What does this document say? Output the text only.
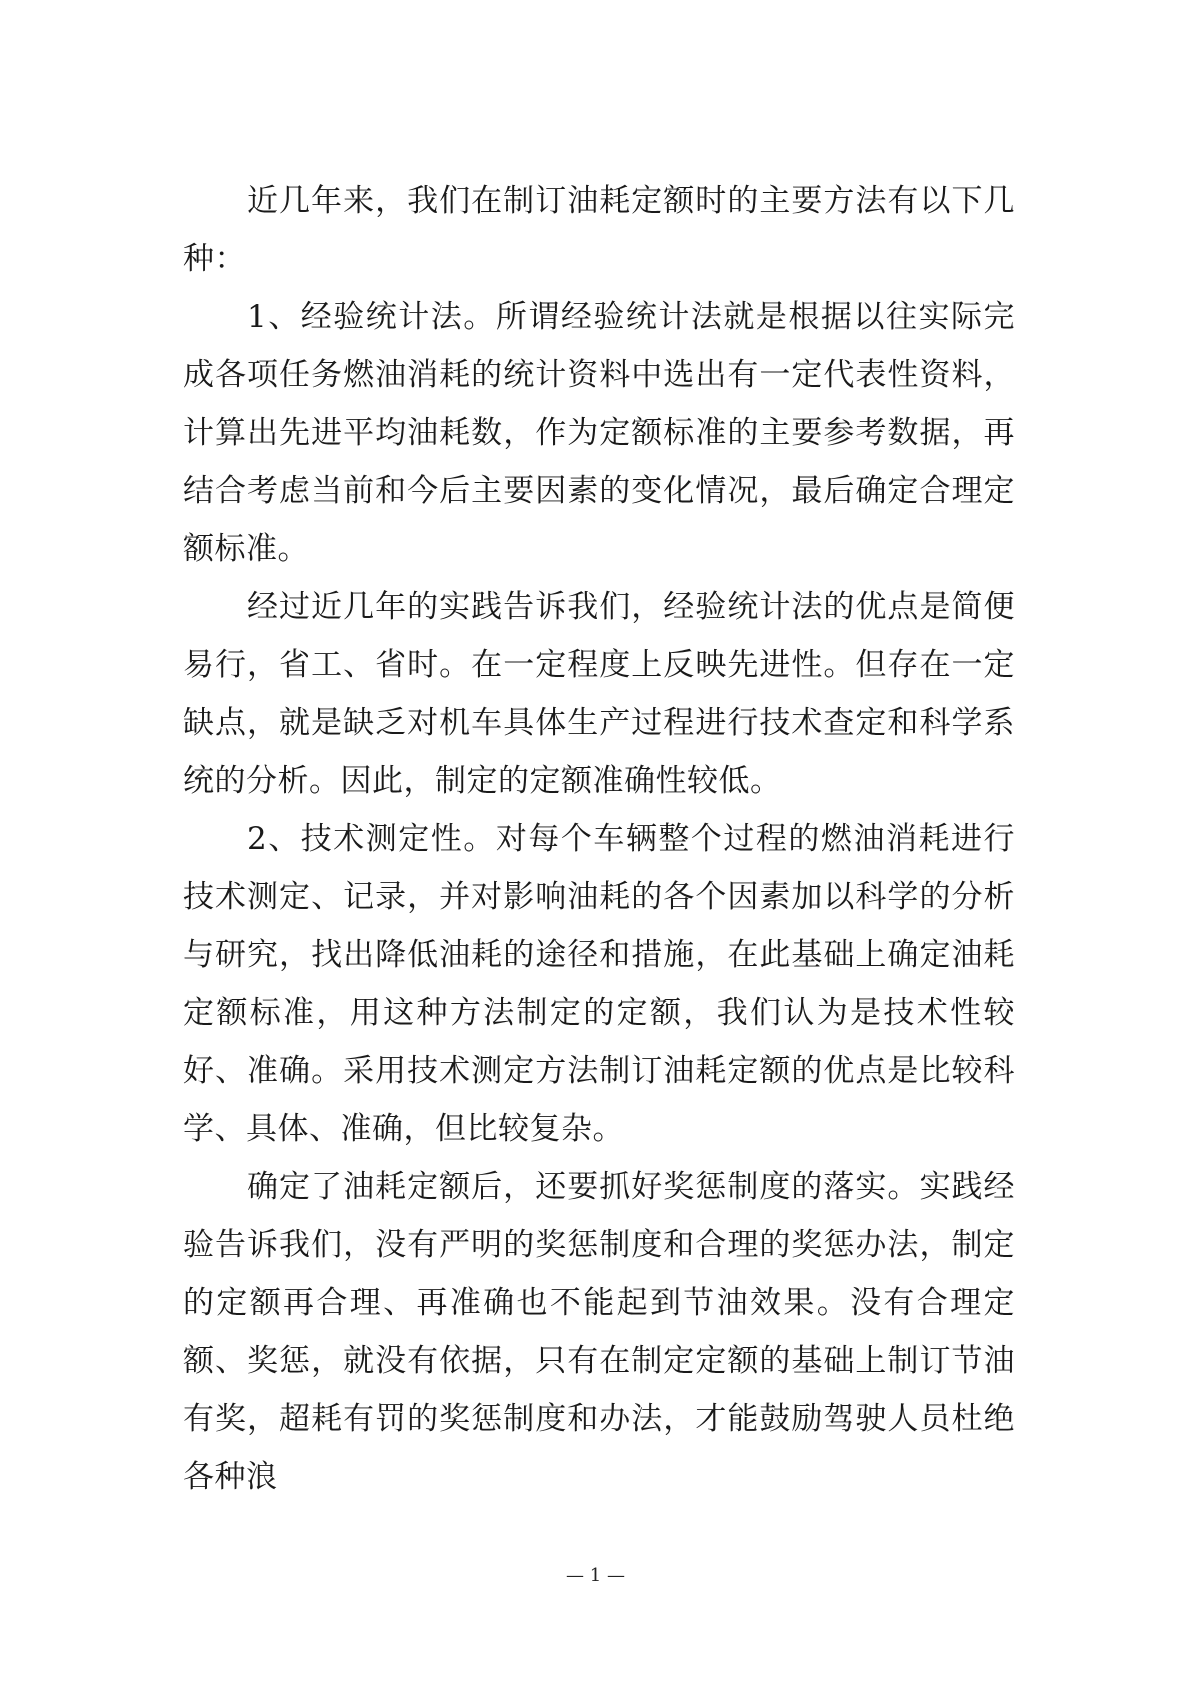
近几年来，我们在制订油耗定额时的主要方法有以下几种：

1、经验统计法。所谓经验统计法就是根据以往实际完成各项任务燃油消耗的统计资料中选出有一定代表性资料，计算出先进平均油耗数，作为定额标准的主要参考数据，再结合考虑当前和今后主要因素的变化情况，最后确定合理定额标准。

经过近几年的实践告诉我们，经验统计法的优点是简便易行，省工、省时。在一定程度上反映先进性。但存在一定缺点，就是缺乏对机车具体生产过程进行技术查定和科学系统的分析。因此，制定的定额准确性较低。

2、技术测定性。对每个车辆整个过程的燃油消耗进行技术测定、记录，并对影响油耗的各个因素加以科学的分析与研究，找出降低油耗的途径和措施，在此基础上确定油耗定额标准，用这种方法制定的定额，我们认为是技术性较好、准确。采用技术测定方法制订油耗定额的优点是比较科学、具体、准确，但比较复杂。

确定了油耗定额后，还要抓好奖惩制度的落实。实践经验告诉我们，没有严明的奖惩制度和合理的奖惩办法，制定的定额再合理、再准确也不能起到节油效果。没有合理定额、奖惩，就没有依据，只有在制定定额的基础上制订节油有奖，超耗有罚的奖惩制度和办法，才能鼓励驾驶人员杜绝各种浪

— 1 —
